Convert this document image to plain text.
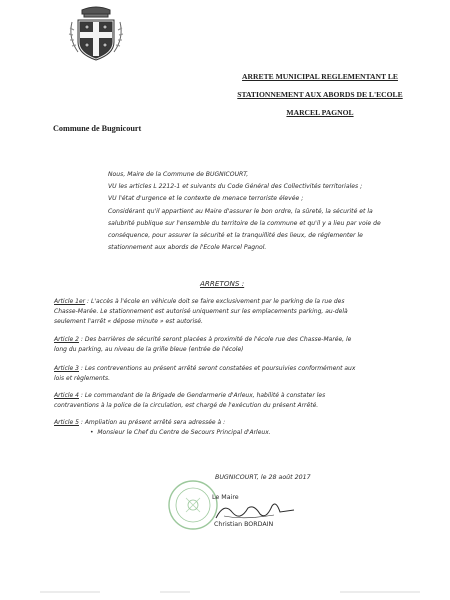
ARRETE MUNICIPAL REGLEMENTANT LE
STATIONNEMENT AUX ABORDS DE L'ECOLE
MARCEL PAGNOL
Commune de Bugnicourt

Nous, Maire de la Commune de BUGNICOURT,

VU les articles L 2212-1 et suivants du Code Général des Collectivités territoriales ;

VU l'état d'urgence et le contexte de menace terroriste élevée ;

Considérant qu'il appartient au Maire d'assurer le bon ordre, la sûreté, la sécurité et la

salubrité publique sur l'ensemble du territoire de la commune et qu'il y a lieu par voie de

conséquence, pour assurer la sécurité et la tranquillité des lieux, de réglementer le

stationnement aux abords de l'Ecole Marcel Pagnol.

ARRETONS :

Article 1er : L'accès à l'école en véhicule doit se faire exclusivement par le parking de la rue des

Chasse-Marée. Le stationnement est autorisé uniquement sur les emplacements parking, au-delà

seulement l'arrêt « dépose minute » est autorisé.

Article 2 : Des barrières de sécurité seront placées à proximité de l'école rue des Chasse-Marée, le

long du parking, au niveau de la grille bleue (entrée de l'école)

Article 3 : Les contreventions au présent arrêté seront constatées et poursuivies conformément aux

lois et règlements.

Article 4 : Le commandant de la Brigade de Gendarmerie d'Arleux, habilité à constater les

contraventions à la police de la circulation, est chargé de l'exécution du présent Arrêté.

Article 5 : Ampliation au présent arrêté sera adressée à :

•  Monsieur le Chef du Centre de Secours Principal d'Arleux.
BUGNICOURT, le 28 août 2017
Le Maire
Christian BORDAIN
